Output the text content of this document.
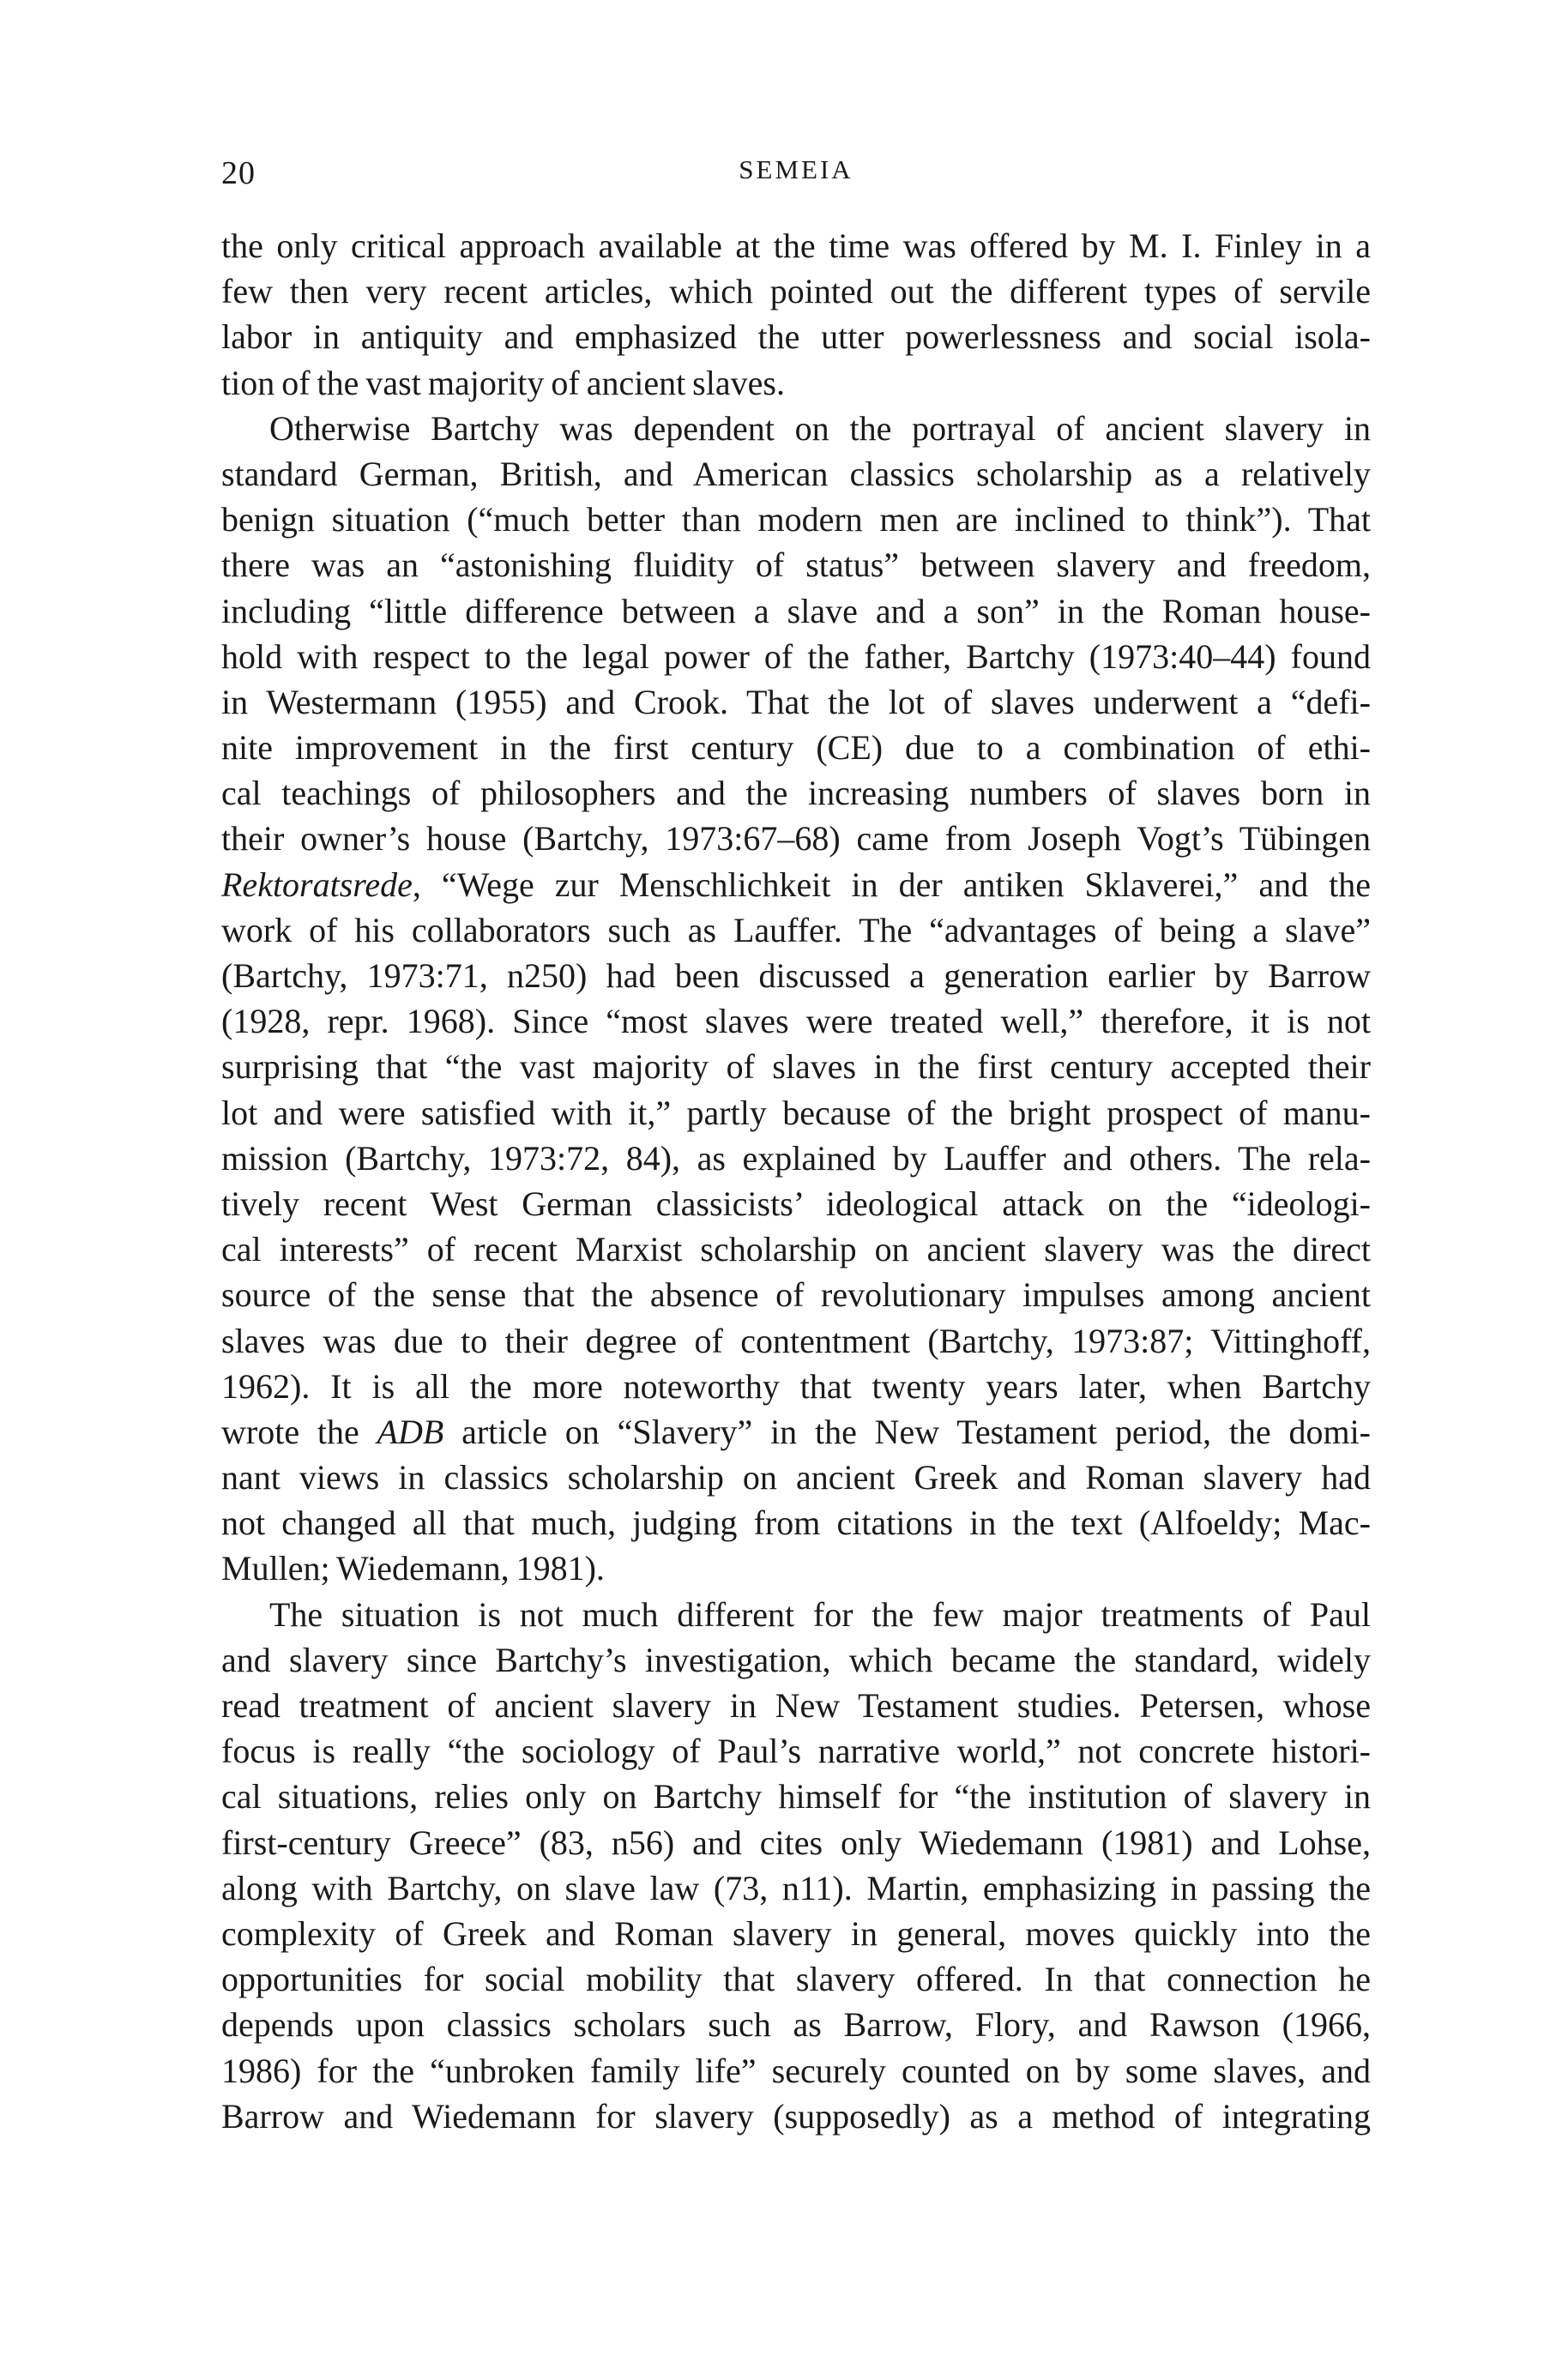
20	SEMEIA
the only critical approach available at the time was offered by M. I. Finley in a
few then very recent articles, which pointed out the different types of servile
labor in antiquity and emphasized the utter powerlessness and social isola-
tion of the vast majority of ancient slaves.
Otherwise Bartchy was dependent on the portrayal of ancient slavery in
standard German, British, and American classics scholarship as a relatively
benign situation (“much better than modern men are inclined to think”). That
there was an “astonishing fluidity of status” between slavery and freedom,
including “little difference between a slave and a son” in the Roman house-
hold with respect to the legal power of the father, Bartchy (1973:40–44) found
in Westermann (1955) and Crook. That the lot of slaves underwent a “defi-
nite improvement in the first century (CE) due to a combination of ethi-
cal teachings of philosophers and the increasing numbers of slaves born in
their owner’s house (Bartchy, 1973:67–68) came from Joseph Vogt’s Tübingen
Rektoratsrede, “Wege zur Menschlichkeit in der antiken Sklaverei,” and the
work of his collaborators such as Lauffer. The “advantages of being a slave”
(Bartchy, 1973:71, n250) had been discussed a generation earlier by Barrow
(1928, repr. 1968). Since “most slaves were treated well,” therefore, it is not
surprising that “the vast majority of slaves in the first century accepted their
lot and were satisfied with it,” partly because of the bright prospect of manu-
mission (Bartchy, 1973:72, 84), as explained by Lauffer and others. The rela-
tively recent West German classicists’ ideological attack on the “ideologi-
cal interests” of recent Marxist scholarship on ancient slavery was the direct
source of the sense that the absence of revolutionary impulses among ancient
slaves was due to their degree of contentment (Bartchy, 1973:87; Vittinghoff,
1962). It is all the more noteworthy that twenty years later, when Bartchy
wrote the ADB article on “Slavery” in the New Testament period, the domi-
nant views in classics scholarship on ancient Greek and Roman slavery had
not changed all that much, judging from citations in the text (Alfoeldy; Mac-
Mullen; Wiedemann, 1981).
The situation is not much different for the few major treatments of Paul
and slavery since Bartchy’s investigation, which became the standard, widely
read treatment of ancient slavery in New Testament studies. Petersen, whose
focus is really “the sociology of Paul’s narrative world,” not concrete histori-
cal situations, relies only on Bartchy himself for “the institution of slavery in
first-century Greece” (83, n56) and cites only Wiedemann (1981) and Lohse,
along with Bartchy, on slave law (73, n11). Martin, emphasizing in passing the
complexity of Greek and Roman slavery in general, moves quickly into the
opportunities for social mobility that slavery offered. In that connection he
depends upon classics scholars such as Barrow, Flory, and Rawson (1966,
1986) for the “unbroken family life” securely counted on by some slaves, and
Barrow and Wiedemann for slavery (supposedly) as a method of integrating
